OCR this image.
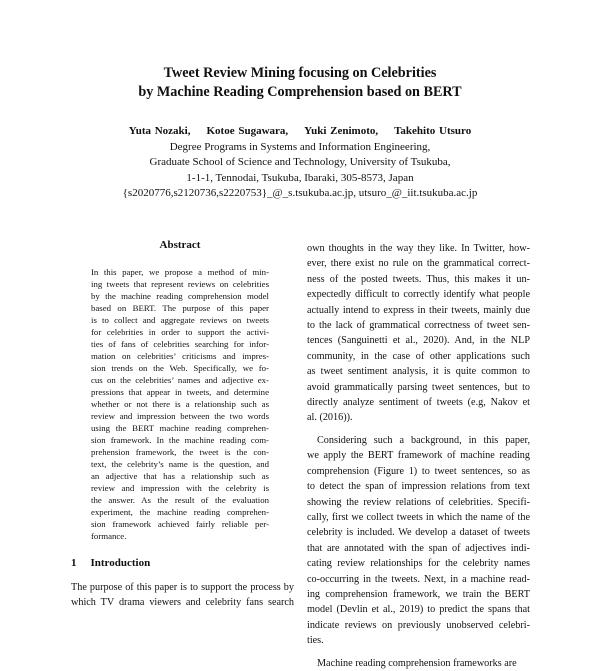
Tweet Review Mining focusing on Celebrities
by Machine Reading Comprehension based on BERT
Yuta Nozaki, Kotoe Sugawara, Yuki Zenimoto, Takehito Utsuro
Degree Programs in Systems and Information Engineering,
Graduate School of Science and Technology, University of Tsukuba,
1-1-1, Tennodai, Tsukuba, Ibaraki, 305-8573, Japan
{s2020776,s2120736,s2220753}_@_s.tsukuba.ac.jp, utsuro_@_iit.tsukuba.ac.jp
Abstract
In this paper, we propose a method of min-
ing tweets that represent reviews on celebrities
by the machine reading comprehension model
based on BERT. The purpose of this paper
is to collect and aggregate reviews on tweets
for celebrities in order to support the activi-
ties of fans of celebrities searching for infor-
mation on celebrities’ criticisms and impres-
sion trends on the Web. Specifically, we fo-
cus on the celebrities’ names and adjective ex-
pressions that appear in tweets, and determine
whether or not there is a relationship such as
review and impression between the two words
using the BERT machine reading comprehen-
sion framework. In the machine reading com-
prehension framework, the tweet is the con-
text, the celebrity’s name is the question, and
an adjective that has a relationship such as
review and impression with the celebrity is
the answer. As the result of the evaluation
experiment, the machine reading comprehen-
sion framework achieved fairly reliable per-
formance.
1 Introduction
The purpose of this paper is to support the process by
which TV drama viewers and celebrity fans search
own thoughts in the way they like. In Twitter, how-
ever, there exist no rule on the grammatical correct-
ness of the posted tweets. Thus, this makes it un-
expectedly difficult to correctly identify what people
actually intend to express in their tweets, mainly due
to the lack of grammatical correctness of tweet sen-
tences (Sanguinetti et al., 2020). And, in the NLP
community, in the case of other applications such
as tweet sentiment analysis, it is quite common to
avoid grammatically parsing tweet sentences, but to
directly analyze sentiment of tweets (e.g, Nakov et
al. (2016)).
Considering such a background, in this paper,
we apply the BERT framework of machine reading
comprehension (Figure 1) to tweet sentences, so as
to detect the span of impression relations from text
showing the review relations of celebrities. Specifi-
cally, first we collect tweets in which the name of the
celebrity is included. We develop a dataset of tweets
that are annotated with the span of adjectives indi-
cating review relationships for the celebrity names
co-occurring in the tweets. Next, in a machine read-
ing comprehension framework, we train the BERT
model (Devlin et al., 2019) to predict the spans that
indicate reviews on previously unobserved celebri-
ties.
Machine reading comprehension frameworks are
